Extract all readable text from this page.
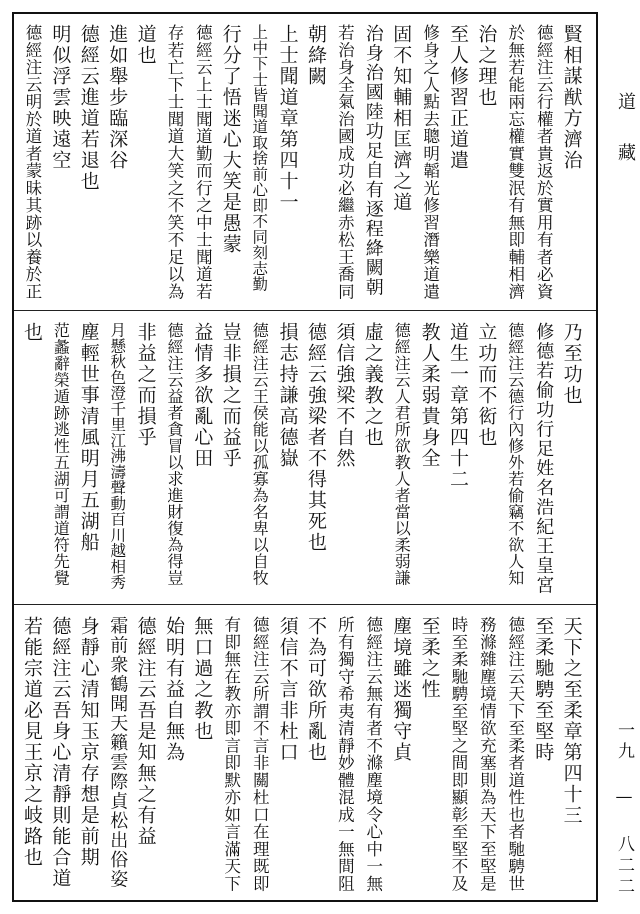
賢相謀猷方濟治
德經注云行權者貴返於實用有者必資
於無若能兩忘權實雙泯有無即輔相濟
治之理也
至人修習正道遣
修身之人點去聰明韜光修習潛樂道遣
固不知輔相匡濟之道
治身治國陸功足自有逐程絳闕朝
若治身全氣治國成功必繼赤松王喬同
朝絳闕
上士聞道章第四十一
上中下士皆聞道取捨前心即不同刻志勤
行分了悟迷心大笑是愚蒙
德經云上士聞道勤而行之中士聞道若
存若亡下士聞道大笑之不笑不足以為
道也
進如舉步臨深谷
德經云進道若退也
明似浮雲映遠空
德經注云明於道者蒙昧其跡以養於正
乃至功也
修德若偷功行足姓名浩紀王皇宮
德經注云德行內修外若偷竊不欲人知
立功而不衒也
道生一章第四十二
教人柔弱貴身全
德經注云人君所欲教人者當以柔弱謙
虛之義教之也
須信強梁不自然
德經云強梁者不得其死也
損志持謙高德嶽
德經注云王侯能以孤寡為名卑以自牧
豈非損之而益乎
益情多欲亂心田
德經注云益者貪冒以求進財復為得豈
非益之而損乎
月懸秋色澄千里江沸濤聲動百川越相秀
塵輕世事清風明月五湖船
范蠡辭榮遁跡逃性五湖可謂道符先覺
也
天下之至柔章第四十三
至柔馳騁至堅時
德經注云天下至柔者道性也者馳騁世
務滌雜塵境情欲充塞則為天下至堅是
時至柔馳騁至堅之間即顯彰至堅不及
至柔之性
塵境雖迷獨守貞
德經注云無有者不滌塵境令心中一無
所有獨守希夷清靜妙體混成一無間阻
不為可欲所亂也
須信不言非杜口
德經注云所謂不言非關杜口在理既即
有即無在教亦即言即默亦如言滿天下
無口過之教也
始明有益自無為
德經注云吾是知無之有益
霜前衆鶴聞天籟雲際貞松出俗姿
身靜心清知玉京存想是前期
德經注云吾身心清靜則能合道
若能宗道必見王京之岐路也
道 藏
一九 — 八二二
